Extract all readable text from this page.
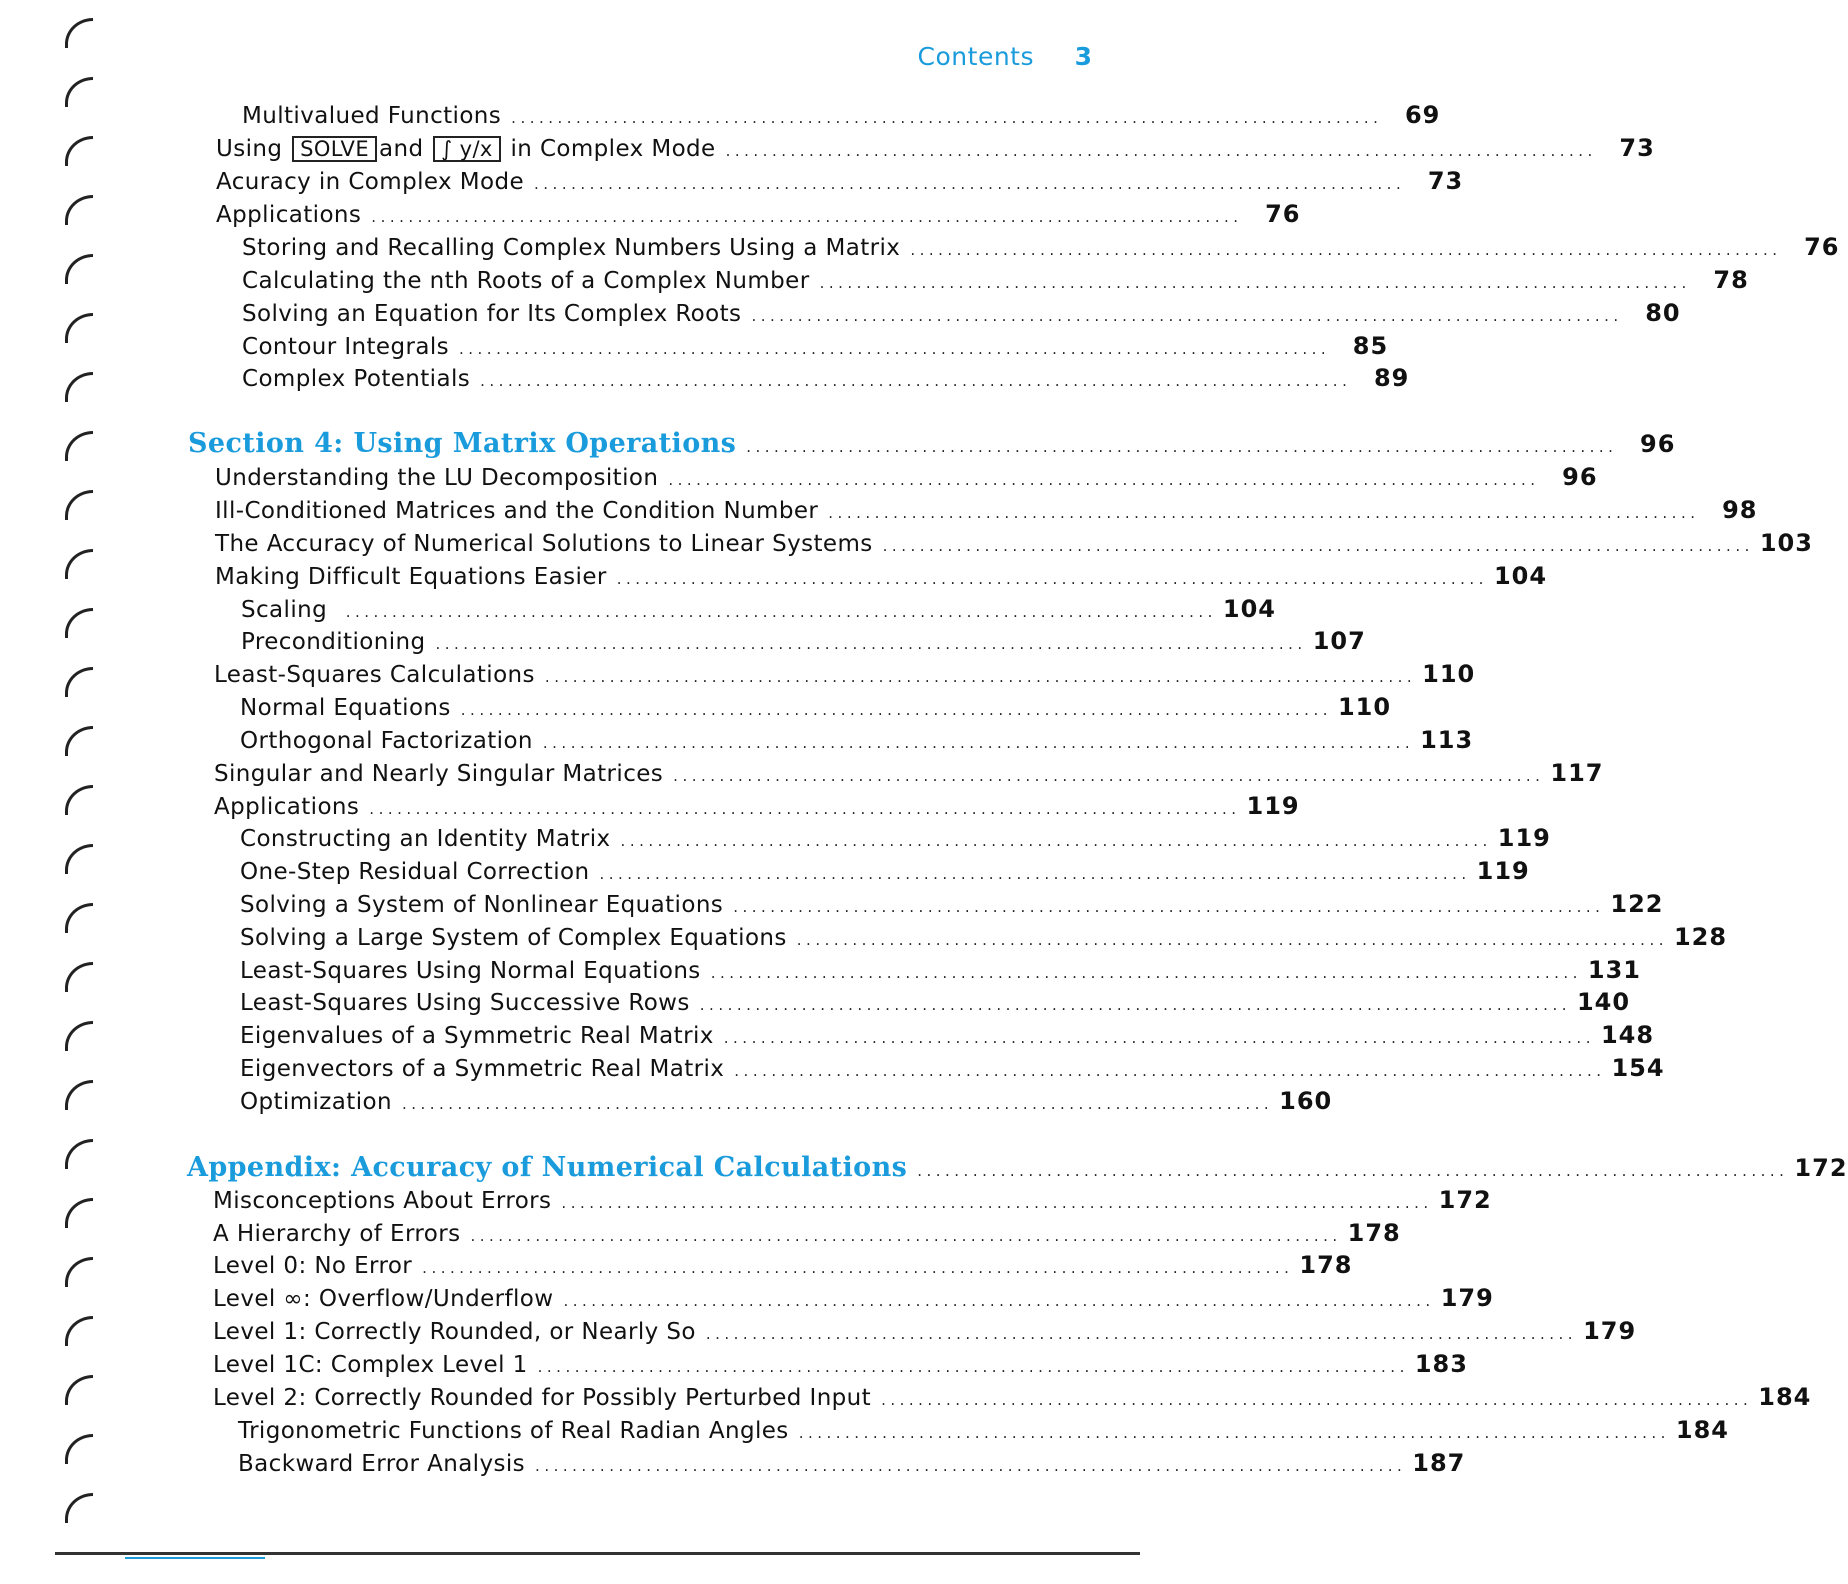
Contents 3
Multivalued Functions .............................................................................................. 69
Using SOLVE and ∫ y/x in Complex Mode .............................................................................................. 73
Acuracy in Complex Mode .............................................................................................. 73
Applications .............................................................................................. 76
Storing and Recalling Complex Numbers Using a Matrix .............................................................................................. 76
Calculating the nth Roots of a Complex Number .............................................................................................. 78
Solving an Equation for Its Complex Roots .............................................................................................. 80
Contour Integrals .............................................................................................. 85
Complex Potentials .............................................................................................. 89
Section 4: Using Matrix Operations .............................................................................................. 96
Understanding the LU Decomposition .............................................................................................. 96
Ill-Conditioned Matrices and the Condition Number .............................................................................................. 98
The Accuracy of Numerical Solutions to Linear Systems .............................................................................................. 103
Making Difficult Equations Easier .............................................................................................. 104
Scaling	.............................................................................................. 104
Preconditioning .............................................................................................. 107
Least-Squares Calculations .............................................................................................. 110
Normal Equations .............................................................................................. 110
Orthogonal Factorization .............................................................................................. 113
Singular and Nearly Singular Matrices .............................................................................................. 117
Applications .............................................................................................. 119
Constructing an Identity Matrix .............................................................................................. 119
One-Step Residual Correction .............................................................................................. 119
Solving a System of Nonlinear Equations .............................................................................................. 122
Solving a Large System of Complex Equations .............................................................................................. 128
Least-Squares Using Normal Equations .............................................................................................. 131
Least-Squares Using Successive Rows .............................................................................................. 140
Eigenvalues of a Symmetric Real Matrix .............................................................................................. 148
Eigenvectors of a Symmetric Real Matrix .............................................................................................. 154
Optimization .............................................................................................. 160
Appendix: Accuracy of Numerical Calculations .............................................................................................. 172
Misconceptions About Errors .............................................................................................. 172
A Hierarchy of Errors .............................................................................................. 178
Level 0: No Error .............................................................................................. 178
Level ∞: Overflow/Underflow .............................................................................................. 179
Level 1: Correctly Rounded, or Nearly So .............................................................................................. 179
Level 1C: Complex Level 1 .............................................................................................. 183
Level 2: Correctly Rounded for Possibly Perturbed Input .............................................................................................. 184
Trigonometric Functions of Real Radian Angles .............................................................................................. 184
Backward Error Analysis .............................................................................................. 187
